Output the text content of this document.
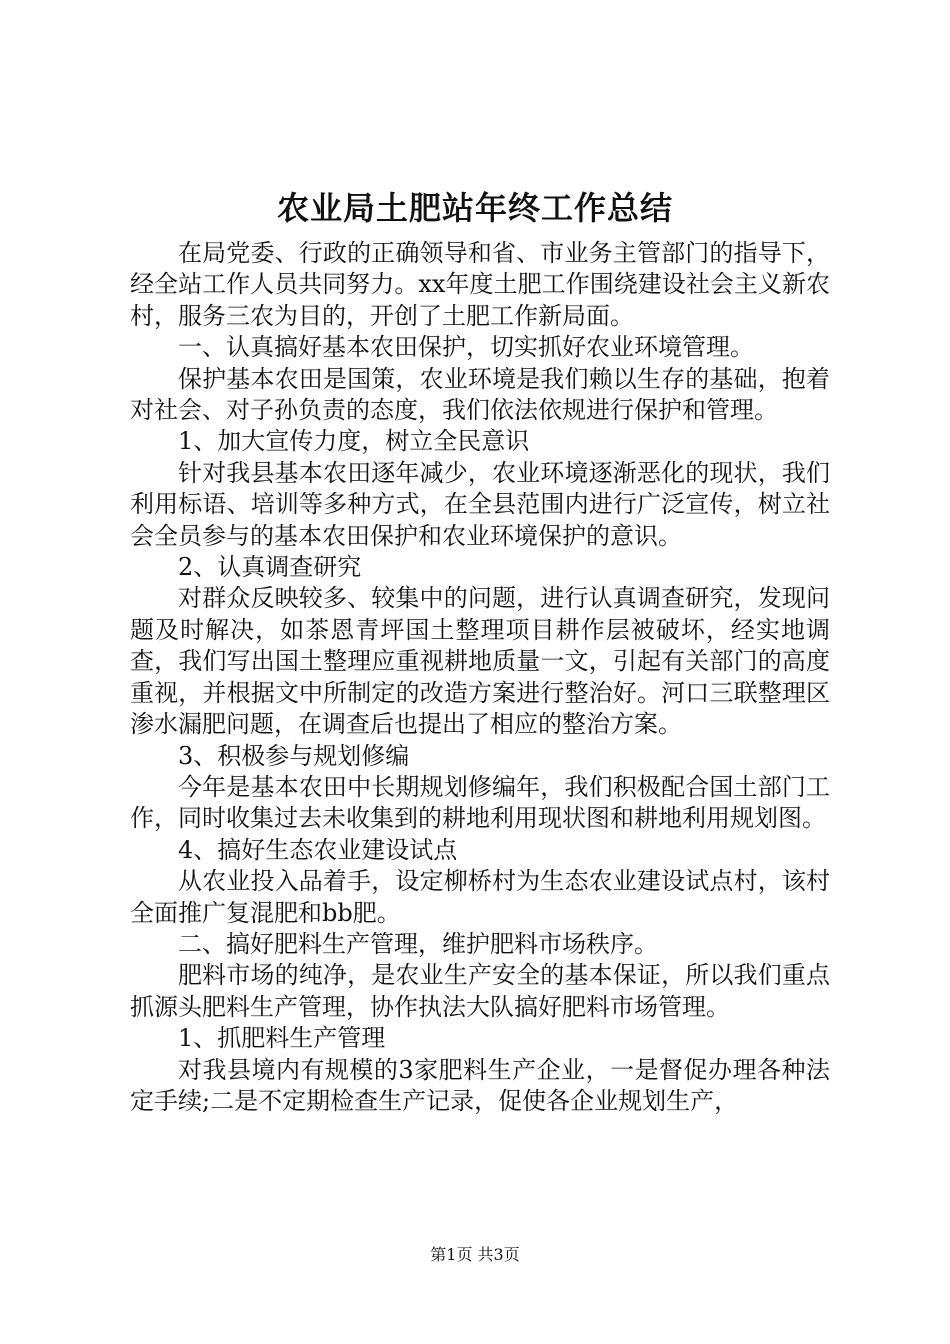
农业局土肥站年终工作总结

在局党委、行政的正确领导和省、市业务主管部门的指导下，经全站工作人员共同努力。xx年度土肥工作围绕建设社会主义新农村，服务三农为目的，开创了土肥工作新局面。

一、认真搞好基本农田保护，切实抓好农业环境管理。

保护基本农田是国策，农业环境是我们赖以生存的基础，抱着对社会、对子孙负责的态度，我们依法依规进行保护和管理。

1、加大宣传力度，树立全民意识

针对我县基本农田逐年减少，农业环境逐渐恶化的现状，我们利用标语、培训等多种方式，在全县范围内进行广泛宣传，树立社会全员参与的基本农田保护和农业环境保护的意识。

2、认真调查研究

对群众反映较多、较集中的问题，进行认真调查研究，发现问题及时解决，如茶恩青坪国土整理项目耕作层被破坏，经实地调查，我们写出国土整理应重视耕地质量一文，引起有关部门的高度重视，并根据文中所制定的改造方案进行整治好。河口三联整理区渗水漏肥问题，在调查后也提出了相应的整治方案。

3、积极参与规划修编

今年是基本农田中长期规划修编年，我们积极配合国土部门工作，同时收集过去未收集到的耕地利用现状图和耕地利用规划图。

4、搞好生态农业建设试点

从农业投入品着手，设定柳桥村为生态农业建设试点村，该村全面推广复混肥和bb肥。

二、搞好肥料生产管理，维护肥料市场秩序。

肥料市场的纯净，是农业生产安全的基本保证，所以我们重点抓源头肥料生产管理，协作执法大队搞好肥料市场管理。

1、抓肥料生产管理

对我县境内有规模的3家肥料生产企业，一是督促办理各种法定手续;二是不定期检查生产记录，促使各企业规划生产，

第1页 共3页
